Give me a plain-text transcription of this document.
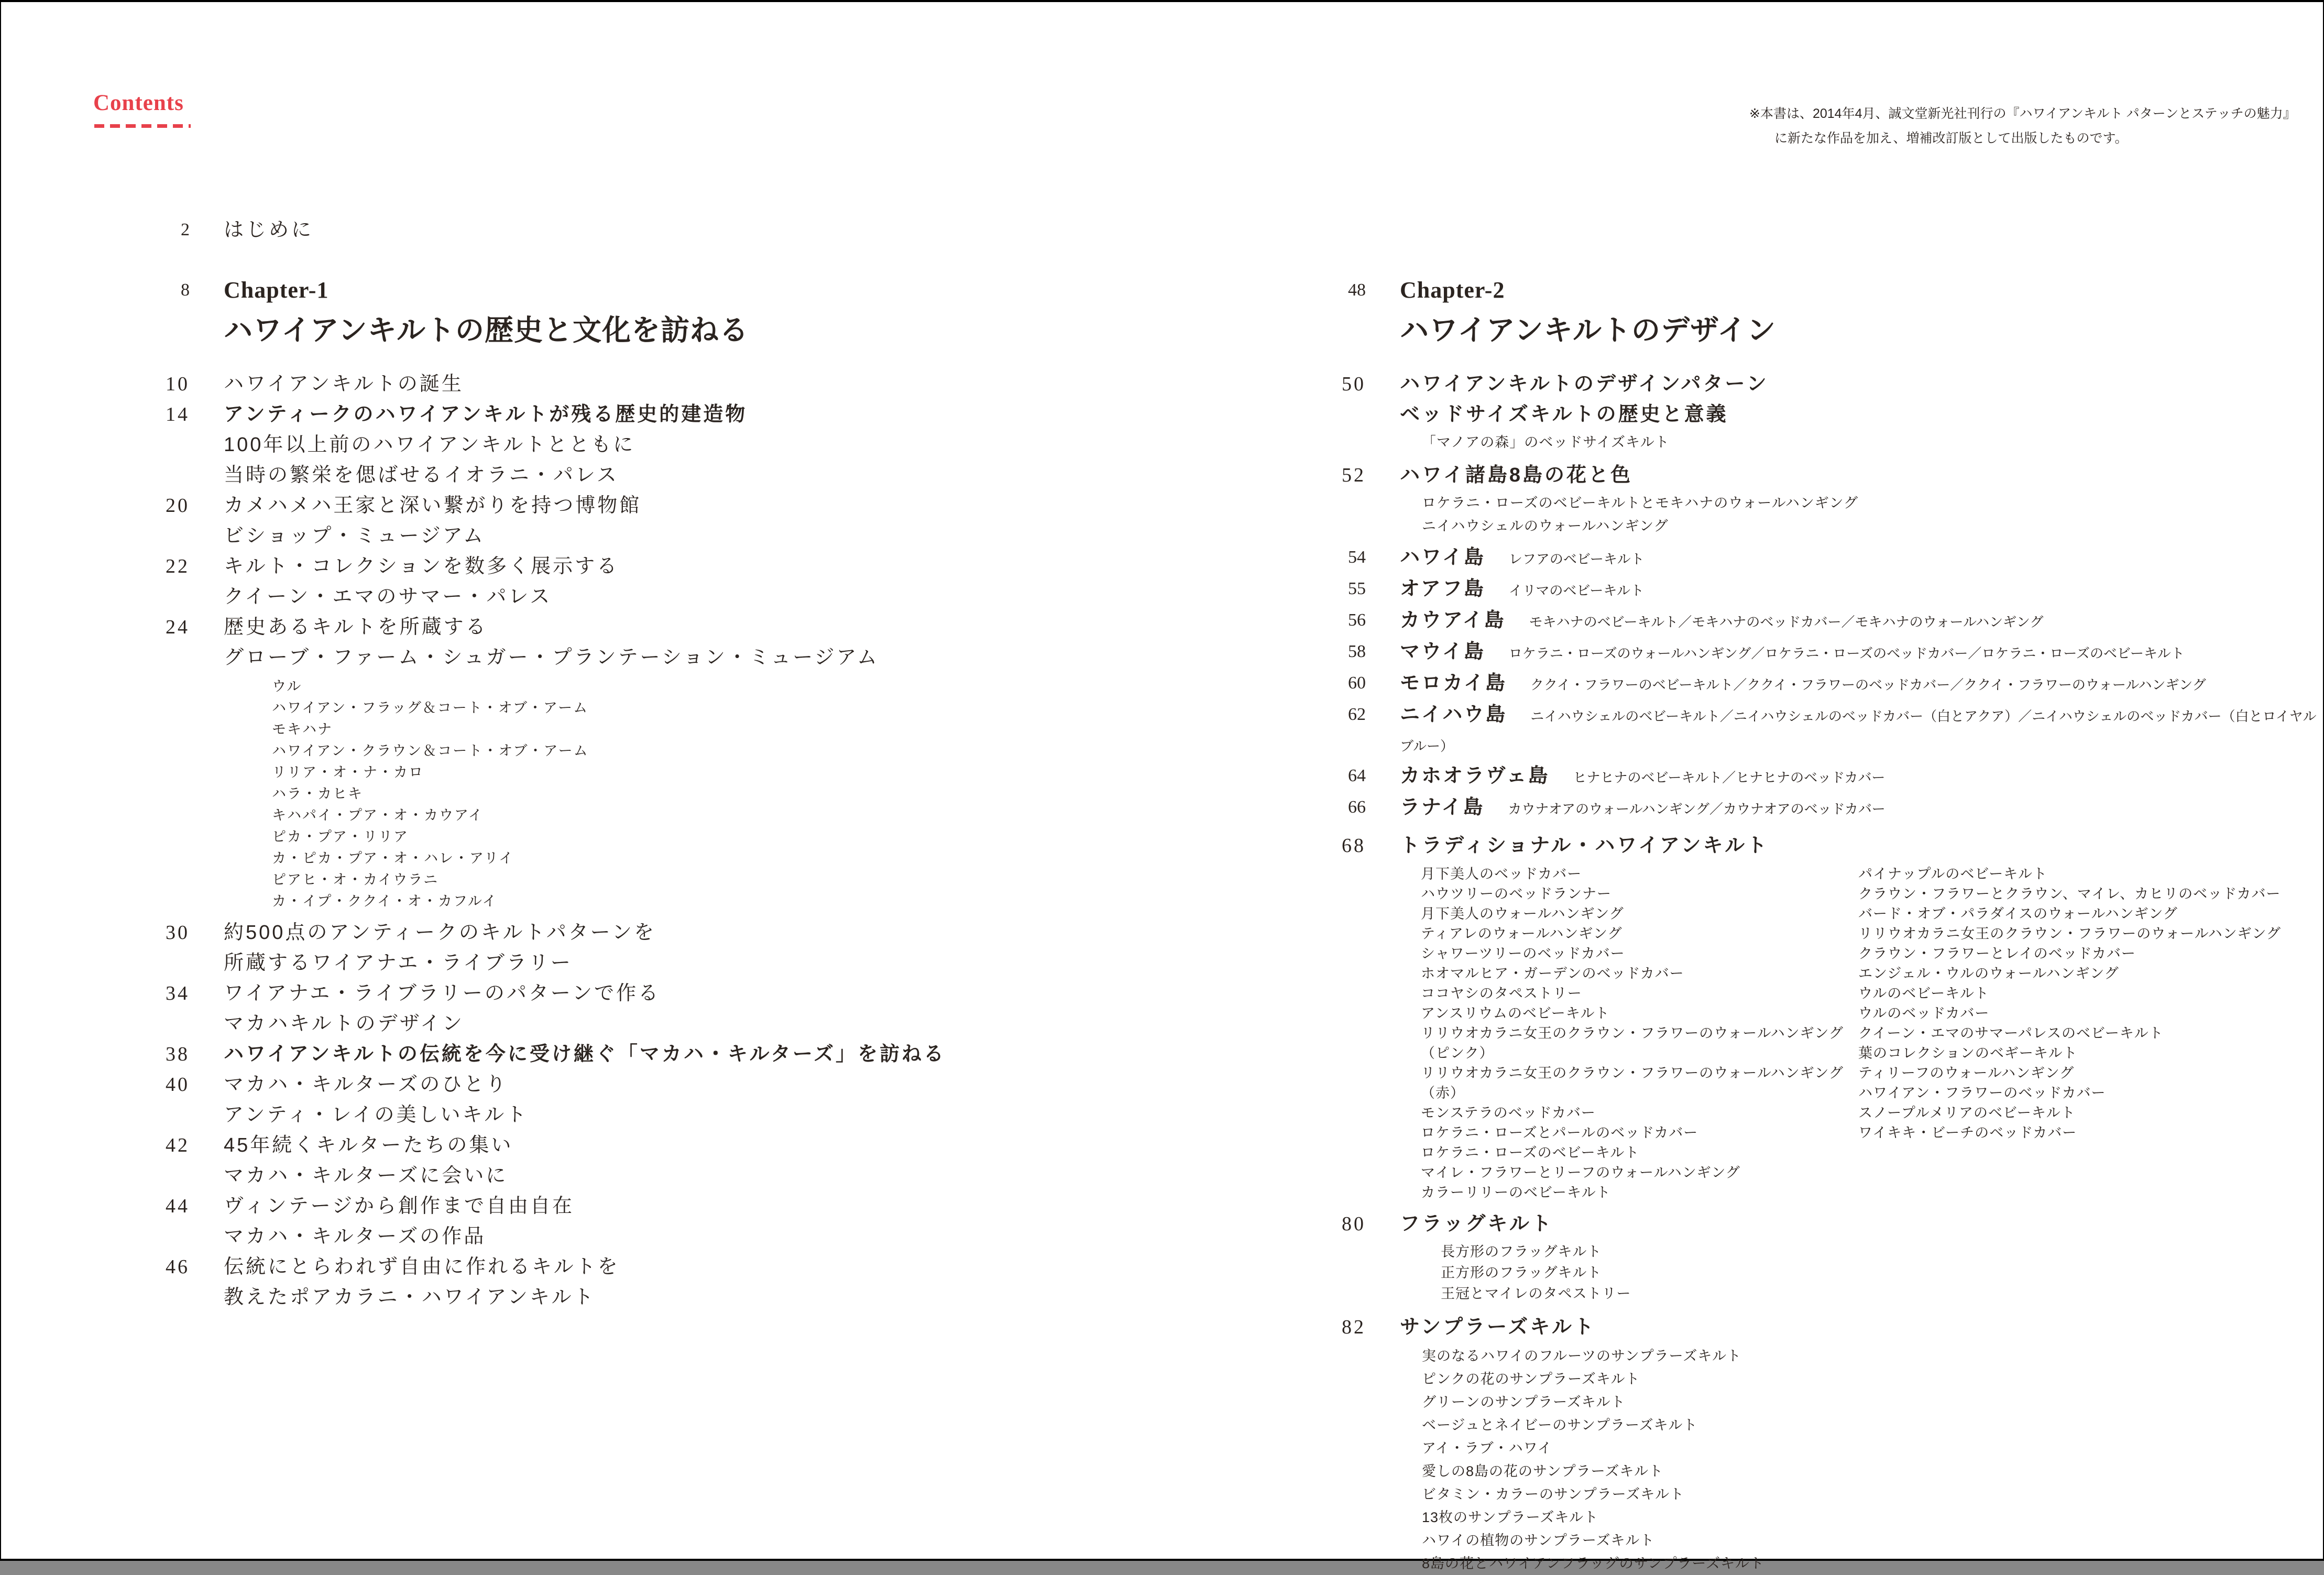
Contents	※本書は、2014年4月、誠文堂新光社刊行の『ハワイアンキルト パターンとステッチの魅力』
に新たな作品を加え、増補改訂版として出版したものです。
2 はじめに
8 Chapter-1
ハワイアンキルトの歴史と文化を訪ねる
10 ハワイアンキルトの誕生
14 アンティークのハワイアンキルトが残る歴史的建造物
100年以上前のハワイアンキルトとともに
当時の繁栄を偲ばせるイオラニ・パレス
20 カメハメハ王家と深い繋がりを持つ博物館
ビショップ・ミュージアム
22 キルト・コレクションを数多く展示する
クイーン・エマのサマー・パレス
24 歴史あるキルトを所蔵する
グローブ・ファーム・シュガー・プランテーション・ミュージアム
ウル
ハワイアン・フラッグ＆コート・オブ・アーム
モキハナ
ハワイアン・クラウン＆コート・オブ・アーム
リリア・オ・ナ・カロ
ハラ・カヒキ
キハパイ・プア・オ・カウアイ
ピカ・プア・リリア
カ・ピカ・プア・オ・ハレ・アリイ
ピアヒ・オ・カイウラニ
カ・イプ・ククイ・オ・カフルイ
30 約500点のアンティークのキルトパターンを
所蔵するワイアナエ・ライブラリー
34 ワイアナエ・ライブラリーのパターンで作る
マカハキルトのデザイン
38 ハワイアンキルトの伝統を今に受け継ぐ「マカハ・キルターズ」を訪ねる
40 マカハ・キルターズのひとり
アンティ・レイの美しいキルト
42 45年続くキルターたちの集い
マカハ・キルターズに会いに
44 ヴィンテージから創作まで自由自在
マカハ・キルターズの作品
46 伝統にとらわれず自由に作れるキルトを
教えたポアカラニ・ハワイアンキルト
48 Chapter-2
ハワイアンキルトのデザイン
50 ハワイアンキルトのデザインパターン
ベッドサイズキルトの歴史と意義
「マノアの森」のベッドサイズキルト
52 ハワイ諸島8島の花と色
ロケラニ・ローズのベビーキルトとモキハナのウォールハンギング
ニイハウシェルのウォールハンギング
54 ハワイ島 レフアのベビーキルト
55 オアフ島 イリマのベビーキルト
56 カウアイ島 モキハナのベビーキルト／モキハナのベッドカバー／モキハナのウォールハンギング
58 マウイ島 ロケラニ・ローズのウォールハンギング／ロケラニ・ローズのベッドカバー／ロケラニ・ローズのベビーキルト
60 モロカイ島 ククイ・フラワーのベビーキルト／ククイ・フラワーのベッドカバー／ククイ・フラワーのウォールハンギング
62 ニイハウ島 ニイハウシェルのベビーキルト／ニイハウシェルのベッドカバー（白とアクア）／ニイハウシェルのベッドカバー（白とロイヤルブルー）
64 カホオラヴェ島 ヒナヒナのベビーキルト／ヒナヒナのベッドカバー
66 ラナイ島 カウナオアのウォールハンギング／カウナオアのベッドカバー
68 トラディショナル・ハワイアンキルト
月下美人のベッドカバー
ハウツリーのベッドランナー
月下美人のウォールハンギング
ティアレのウォールハンギング
シャワーツリーのベッドカバー
ホオマルヒア・ガーデンのベッドカバー
ココヤシのタペストリー
アンスリウムのベビーキルト
リリウオカラニ女王のクラウン・フラワーのウォールハンギング（ピンク）
リリウオカラニ女王のクラウン・フラワーのウォールハンギング（赤）
モンステラのベッドカバー
ロケラニ・ローズとパールのベッドカバー
ロケラニ・ローズのベビーキルト
マイレ・フラワーとリーフのウォールハンギング
カラーリリーのベビーキルト
パイナップルのベビーキルト
クラウン・フラワーとクラウン、マイレ、カヒリのベッドカバー
バード・オブ・パラダイスのウォールハンギング
リリウオカラニ女王のクラウン・フラワーのウォールハンギング
クラウン・フラワーとレイのベッドカバー
エンジェル・ウルのウォールハンギング
ウルのベビーキルト
ウルのベッドカバー
クイーン・エマのサマーパレスのベビーキルト
葉のコレクションのベギーキルト
ティリーフのウォールハンギング
ハワイアン・フラワーのベッドカバー
スノープルメリアのベビーキルト
ワイキキ・ビーチのベッドカバー
80 フラッグキルト
長方形のフラッグキルト
正方形のフラッグキルト
王冠とマイレのタペストリー
82 サンプラーズキルト
実のなるハワイのフルーツのサンプラーズキルト
ピンクの花のサンプラーズキルト
グリーンのサンプラーズキルト
ベージュとネイビーのサンプラーズキルト
アイ・ラブ・ハワイ
愛しの8島の花のサンプラーズキルト
ビタミン・カラーのサンプラーズキルト
13枚のサンプラーズキルト
ハワイの植物のサンプラーズキルト
8島の花とハワイアンフラッグのサンプラーズキルト
